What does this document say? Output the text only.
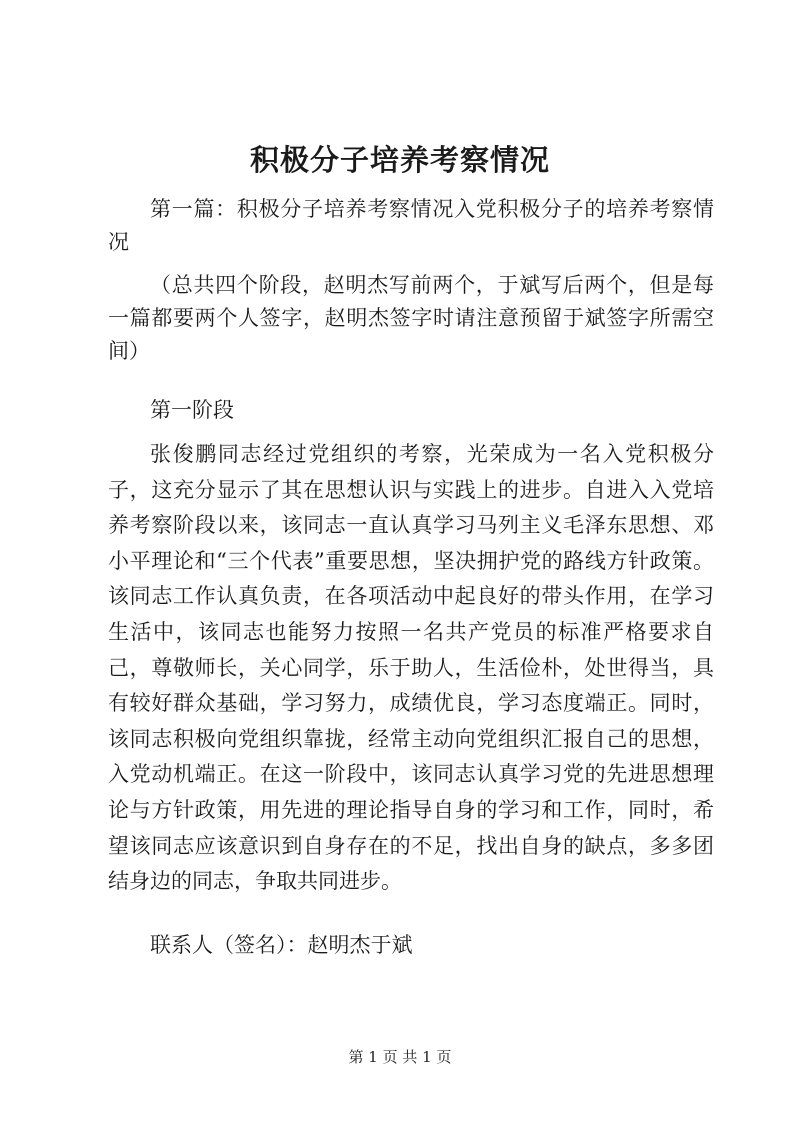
积极分子培养考察情况

第一篇：积极分子培养考察情况入党积极分子的培养考察情况

（总共四个阶段，赵明杰写前两个，于斌写后两个，但是每一篇都要两个人签字，赵明杰签字时请注意预留于斌签字所需空间）

第一阶段

张俊鹏同志经过党组织的考察，光荣成为一名入党积极分子，这充分显示了其在思想认识与实践上的进步。自进入入党培养考察阶段以来，该同志一直认真学习马列主义毛泽东思想、邓小平理论和“三个代表”重要思想，坚决拥护党的路线方针政策。该同志工作认真负责，在各项活动中起良好的带头作用，在学习生活中，该同志也能努力按照一名共产党员的标准严格要求自己，尊敬师长，关心同学，乐于助人，生活俭朴，处世得当，具有较好群众基础，学习努力，成绩优良，学习态度端正。同时，该同志积极向党组织靠拢，经常主动向党组织汇报自己的思想，入党动机端正。在这一阶段中，该同志认真学习党的先进思想理论与方针政策，用先进的理论指导自身的学习和工作，同时，希望该同志应该意识到自身存在的不足，找出自身的缺点，多多团结身边的同志，争取共同进步。

联系人（签名）：赵明杰于斌

第 1 页 共 1 页
